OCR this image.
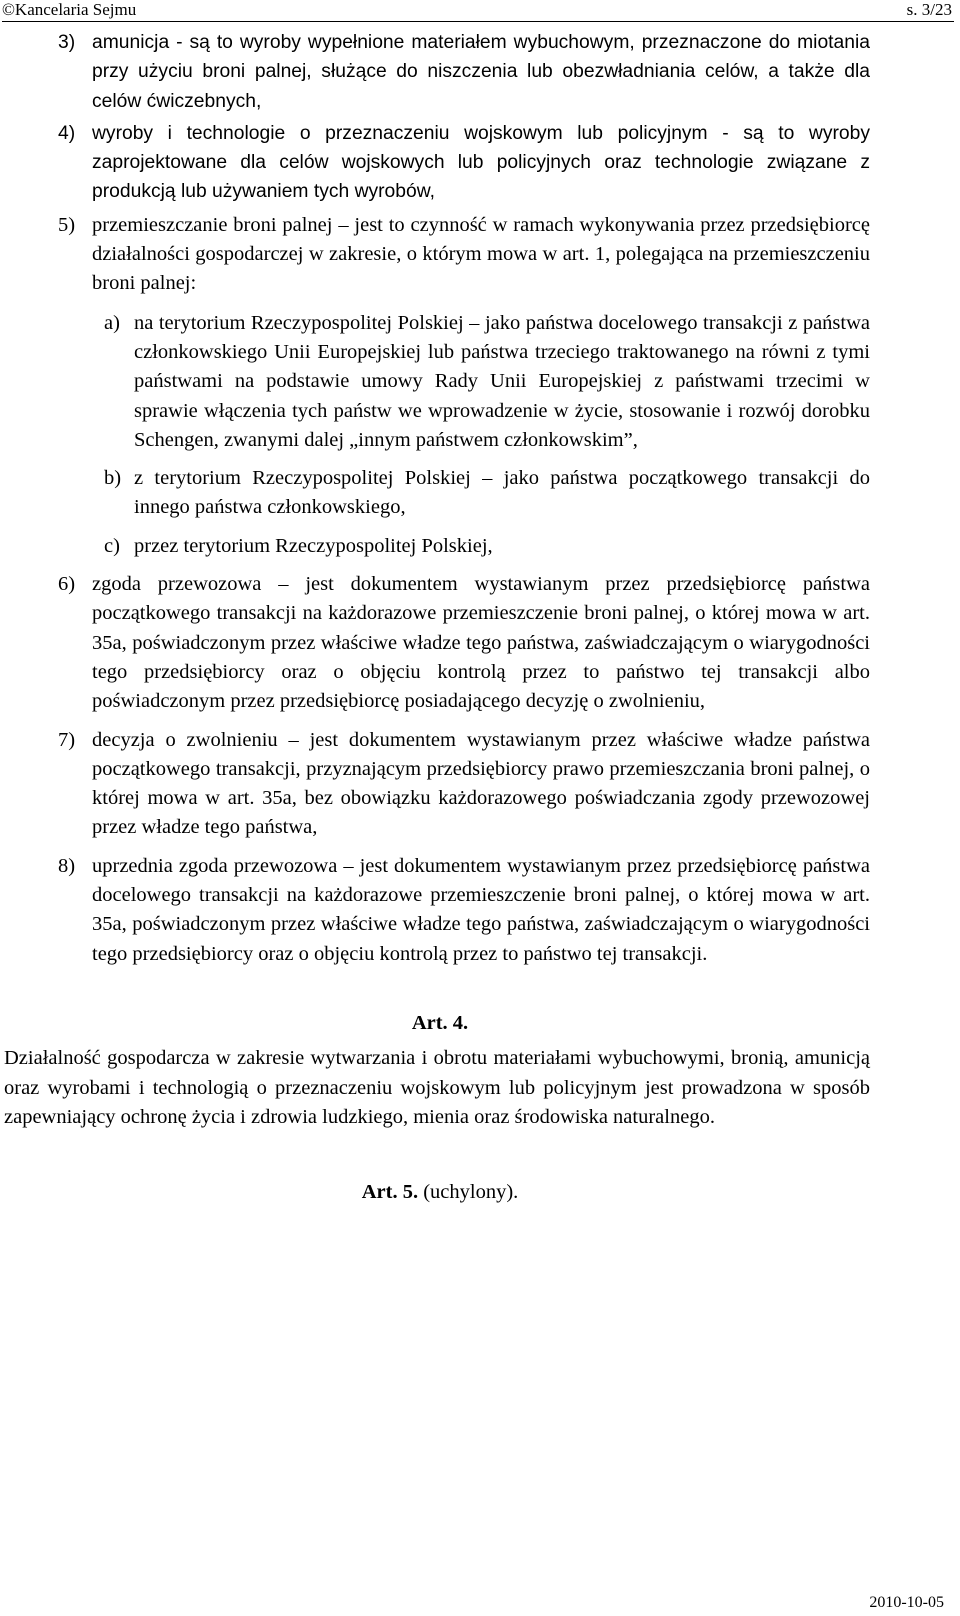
©Kancelaria Sejmu	s. 3/23
3) amunicja - są to wyroby wypełnione materiałem wybuchowym, przeznaczone do miotania przy użyciu broni palnej, służące do niszczenia lub obezwładniania celów, a także dla celów ćwiczebnych,
4) wyroby i technologie o przeznaczeniu wojskowym lub policyjnym - są to wyroby zaprojektowane dla celów wojskowych lub policyjnych oraz technologie związane z produkcją lub używaniem tych wyrobów,
5) przemieszczanie broni palnej – jest to czynność w ramach wykonywania przez przedsiębiorcę działalności gospodarczej w zakresie, o którym mowa w art. 1, polegająca na przemieszczeniu broni palnej:
a) na terytorium Rzeczypospolitej Polskiej – jako państwa docelowego transakcji z państwa członkowskiego Unii Europejskiej lub państwa trzeciego traktowanego na równi z tymi państwami na podstawie umowy Rady Unii Europejskiej z państwami trzecimi w sprawie włączenia tych państw we wprowadzenie w życie, stosowanie i rozwój dorobku Schengen, zwanymi dalej „innym państwem członkowskim”,
b) z terytorium Rzeczypospolitej Polskiej – jako państwa początkowego transakcji do innego państwa członkowskiego,
c) przez terytorium Rzeczypospolitej Polskiej,
6) zgoda przewozowa – jest dokumentem wystawianym przez przedsiębiorcę państwa początkowego transakcji na każdorazowe przemieszczenie broni palnej, o której mowa w art. 35a, poświadczonym przez właściwe władze tego państwa, zaświadczającym o wiarygodności tego przedsiębiorcy oraz o objęciu kontrolą przez to państwo tej transakcji albo poświadczonym przez przedsiębiorcę posiadającego decyzję o zwolnieniu,
7) decyzja o zwolnieniu – jest dokumentem wystawianym przez właściwe władze państwa początkowego transakcji, przyznającym przedsiębiorcy prawo przemieszczania broni palnej, o której mowa w art. 35a, bez obowiązku każdorazowego poświadczania zgody przewozowej przez władze tego państwa,
8) uprzednia zgoda przewozowa – jest dokumentem wystawianym przez przedsiębiorcę państwa docelowego transakcji na każdorazowe przemieszczenie broni palnej, o której mowa w art. 35a, poświadczonym przez właściwe władze tego państwa, zaświadczającym o wiarygodności tego przedsiębiorcy oraz o objęciu kontrolą przez to państwo tej transakcji.
Art. 4.
Działalność gospodarcza w zakresie wytwarzania i obrotu materiałami wybuchowymi, bronią, amunicją oraz wyrobami i technologią o przeznaczeniu wojskowym lub policyjnym jest prowadzona w sposób zapewniający ochronę życia i zdrowia ludzkiego, mienia oraz środowiska naturalnego.
Art. 5. (uchylony).
2010-10-05
